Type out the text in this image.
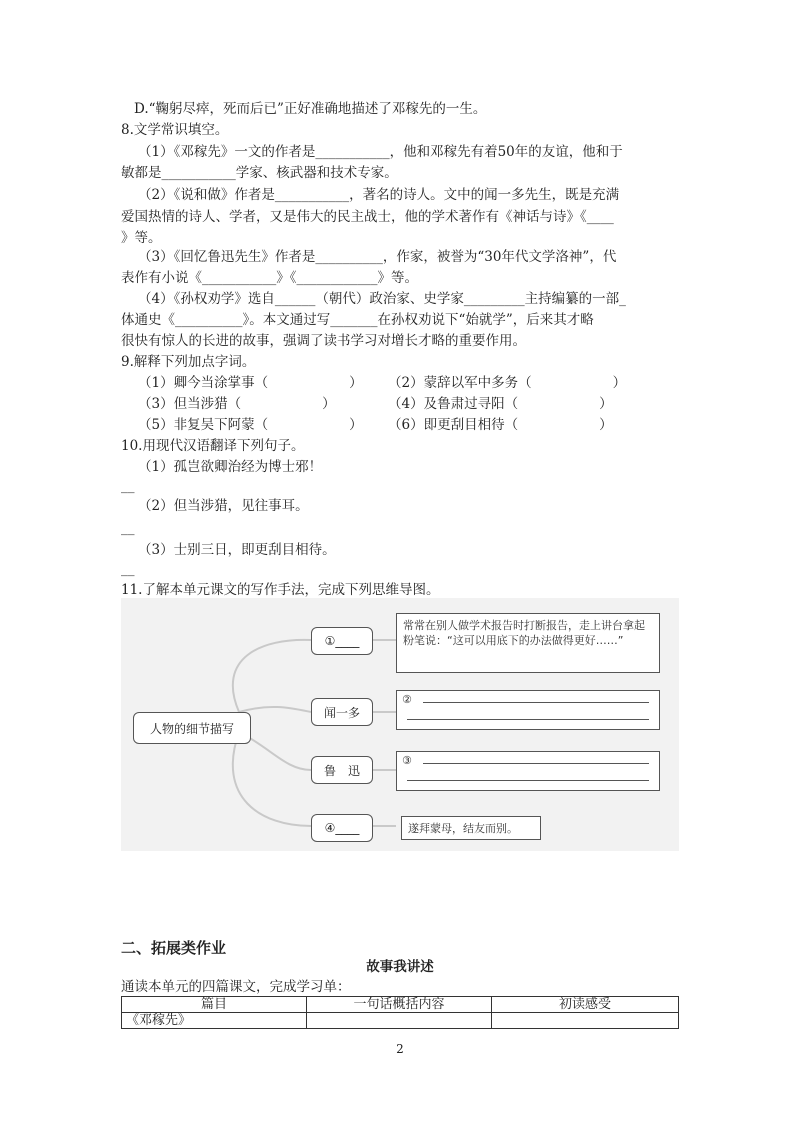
D.“鞠躬尽瘁，死而后已”正好准确地描述了邓稼先的一生。
8.文学常识填空。
（1）《邓稼先》一文的作者是___________，他和邓稼先有着50年的友谊，他和于
敏都是___________学家、核武器和技术专家。
（2）《说和做》作者是___________，著名的诗人。文中的闻一多先生，既是充满
爱国热情的诗人、学者，又是伟大的民主战士，他的学术著作有《神话与诗》《____
》等。
（3）《回忆鲁迅先生》作者是__________，作家，被誉为“30年代文学洛神”，代
表作有小说《___________》《____________》等。
（4）《孙权劝学》选自______（朝代）政治家、史学家_________主持编纂的一部_
体通史《__________》。本文通过写_______在孙权劝说下“始就学”，后来其才略
很快有惊人的长进的故事，强调了读书学习对增长才略的重要作用。
9.解释下列加点字词。
（1）卿今当涂掌事（　　　　　　） （2）蒙辞以军中多务（　　　　　　）
（3）但当涉猎（　　　　　　）	（4）及鲁肃过寻阳（　　　　　　）
（5）非复吴下阿蒙（　　　　　　） （6）即更刮目相待（　　　　　　）
10.用现代汉语翻译下列句子。
（1）孤岂欲卿治经为博士邪！
__
（2）但当涉猎，见往事耳。
__
（3）士别三日，即更刮目相待。
__
11.了解本单元课文的写作手法，完成下列思维导图。
人物的细节描写
①____
闻一多
鲁　迅
④____
常常在别人做学术报告时打断报告，走上讲台拿起粉笔说：“这可以用底下的办法做得更好……”
②
③
遂拜蒙母，结友而别。
二、拓展类作业
故事我讲述
通读本单元的四篇课文，完成学习单：
篇目	一句话概括内容	初读感受
《邓稼先》		
2
